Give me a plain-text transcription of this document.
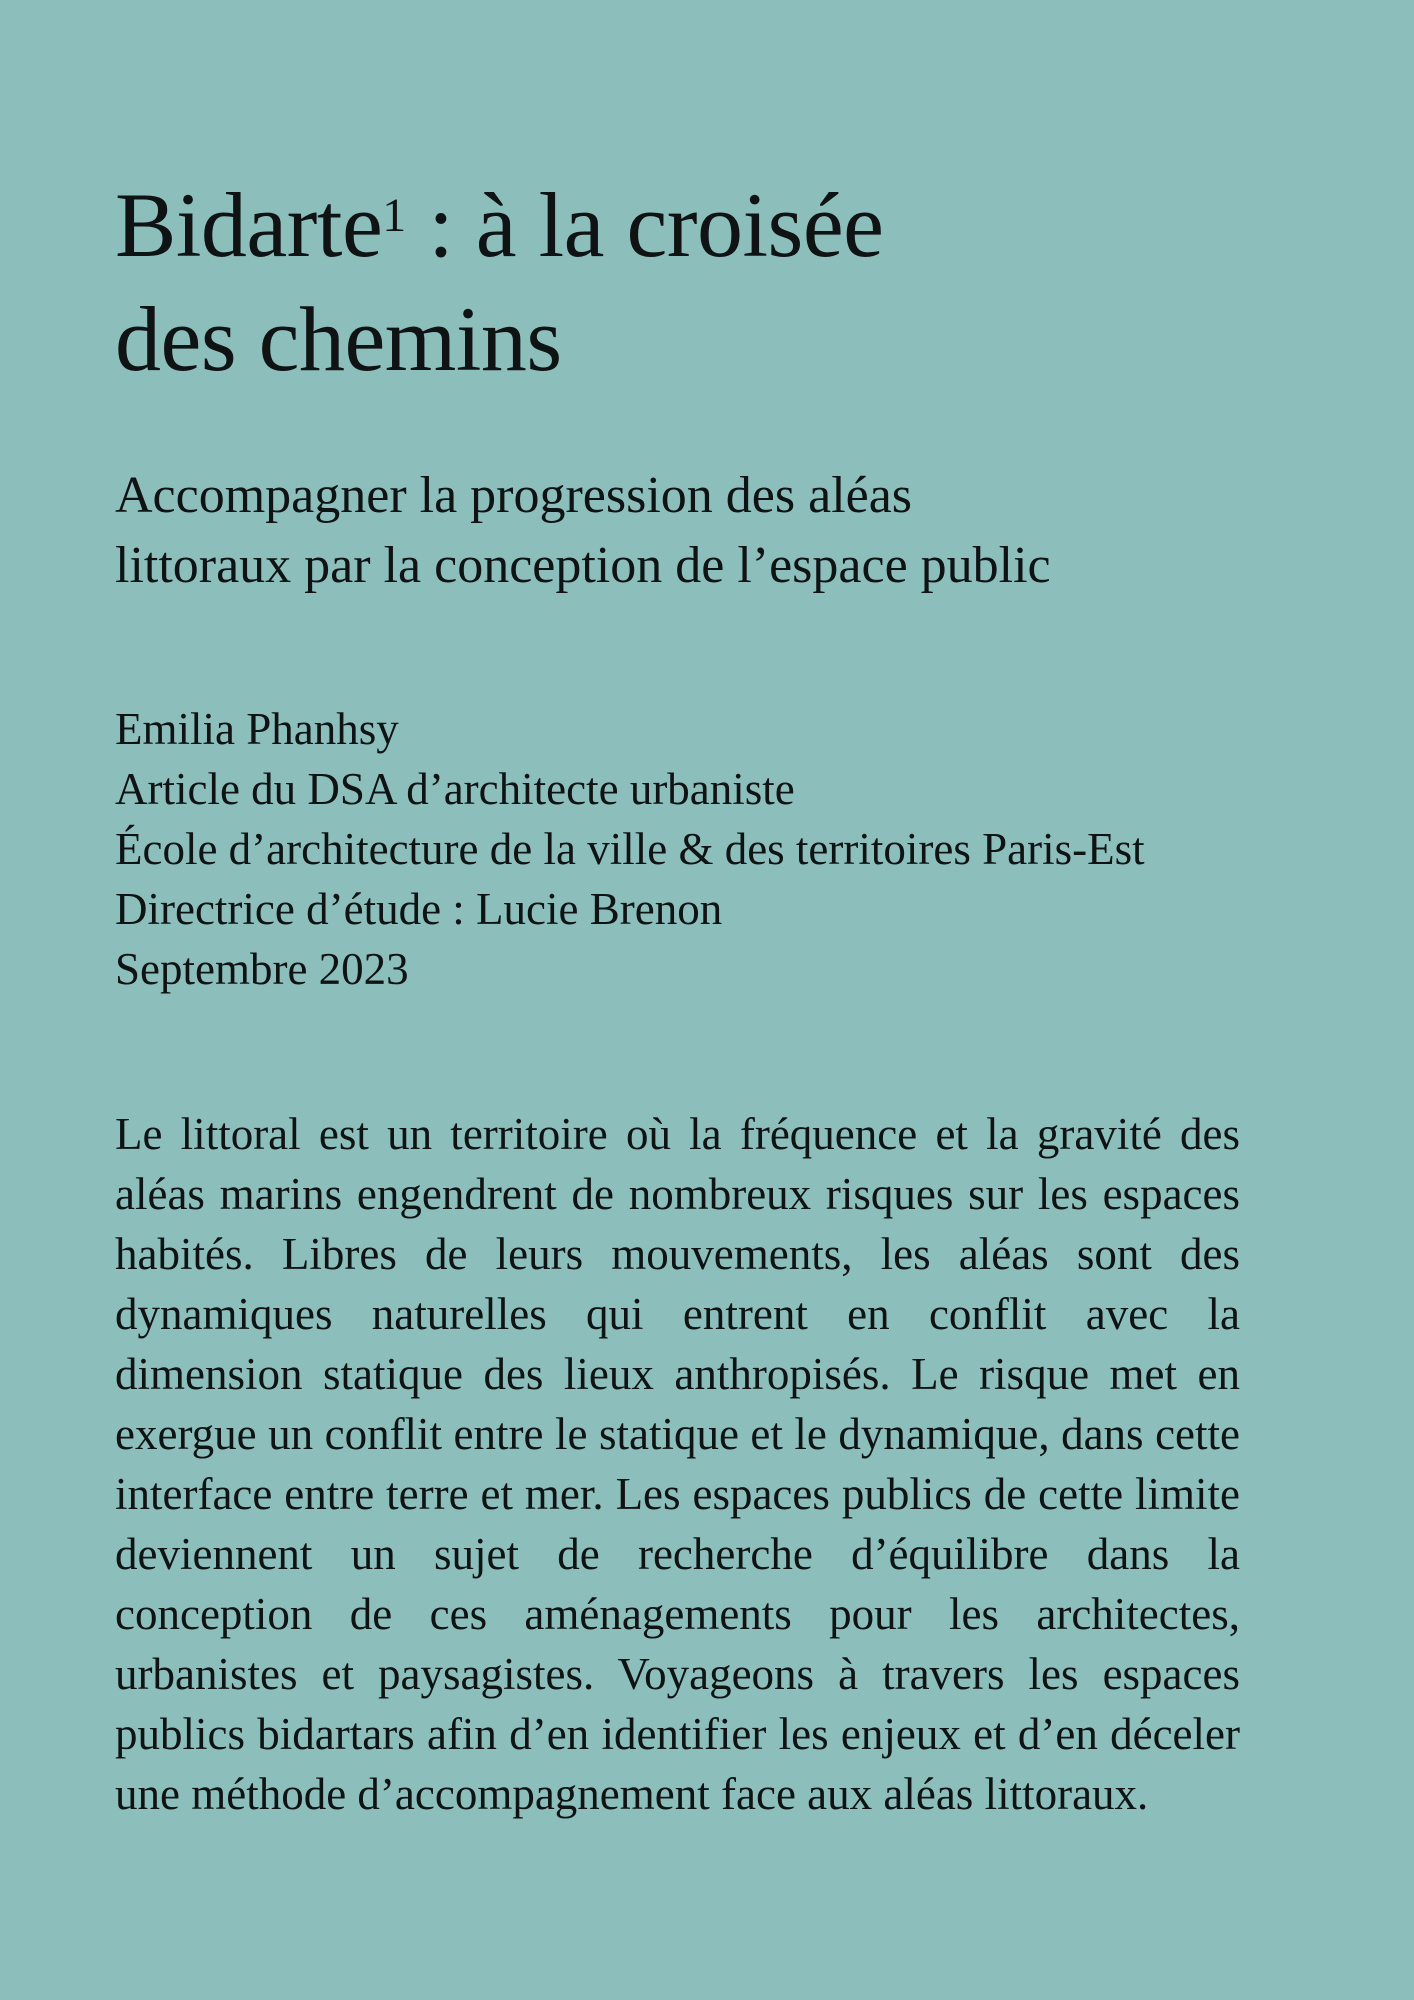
Bidarte$^1$ : à la croisée
des chemins
Accompagner la progression des aléas littoraux par la conception de l’espace public
Emilia Phanhsy
Article du DSA d’architecte urbaniste
École d’architecture de la ville & des territoires Paris-Est
Directrice d’étude : Lucie Brenon
Septembre 2023

Le littoral est un territoire où la fréquence et la gravité des aléas marins engendrent de nombreux risques sur les espaces habités. Libres de leurs mouvements, les aléas sont des dynamiques naturelles qui entrent en conflit avec la dimension statique des lieux anthropisés. Le risque met en exergue un conflit entre le statique et le dynamique, dans cette interface entre terre et mer. Les espaces publics de cette limite deviennent un sujet de recherche d’équilibre dans la conception de ces aménagements pour les architectes, urbanistes et paysagistes. Voyageons à travers les espaces publics bidartars afin d’en identifier les enjeux et d’en déceler une méthode d’accompagnement face aux aléas littoraux.
